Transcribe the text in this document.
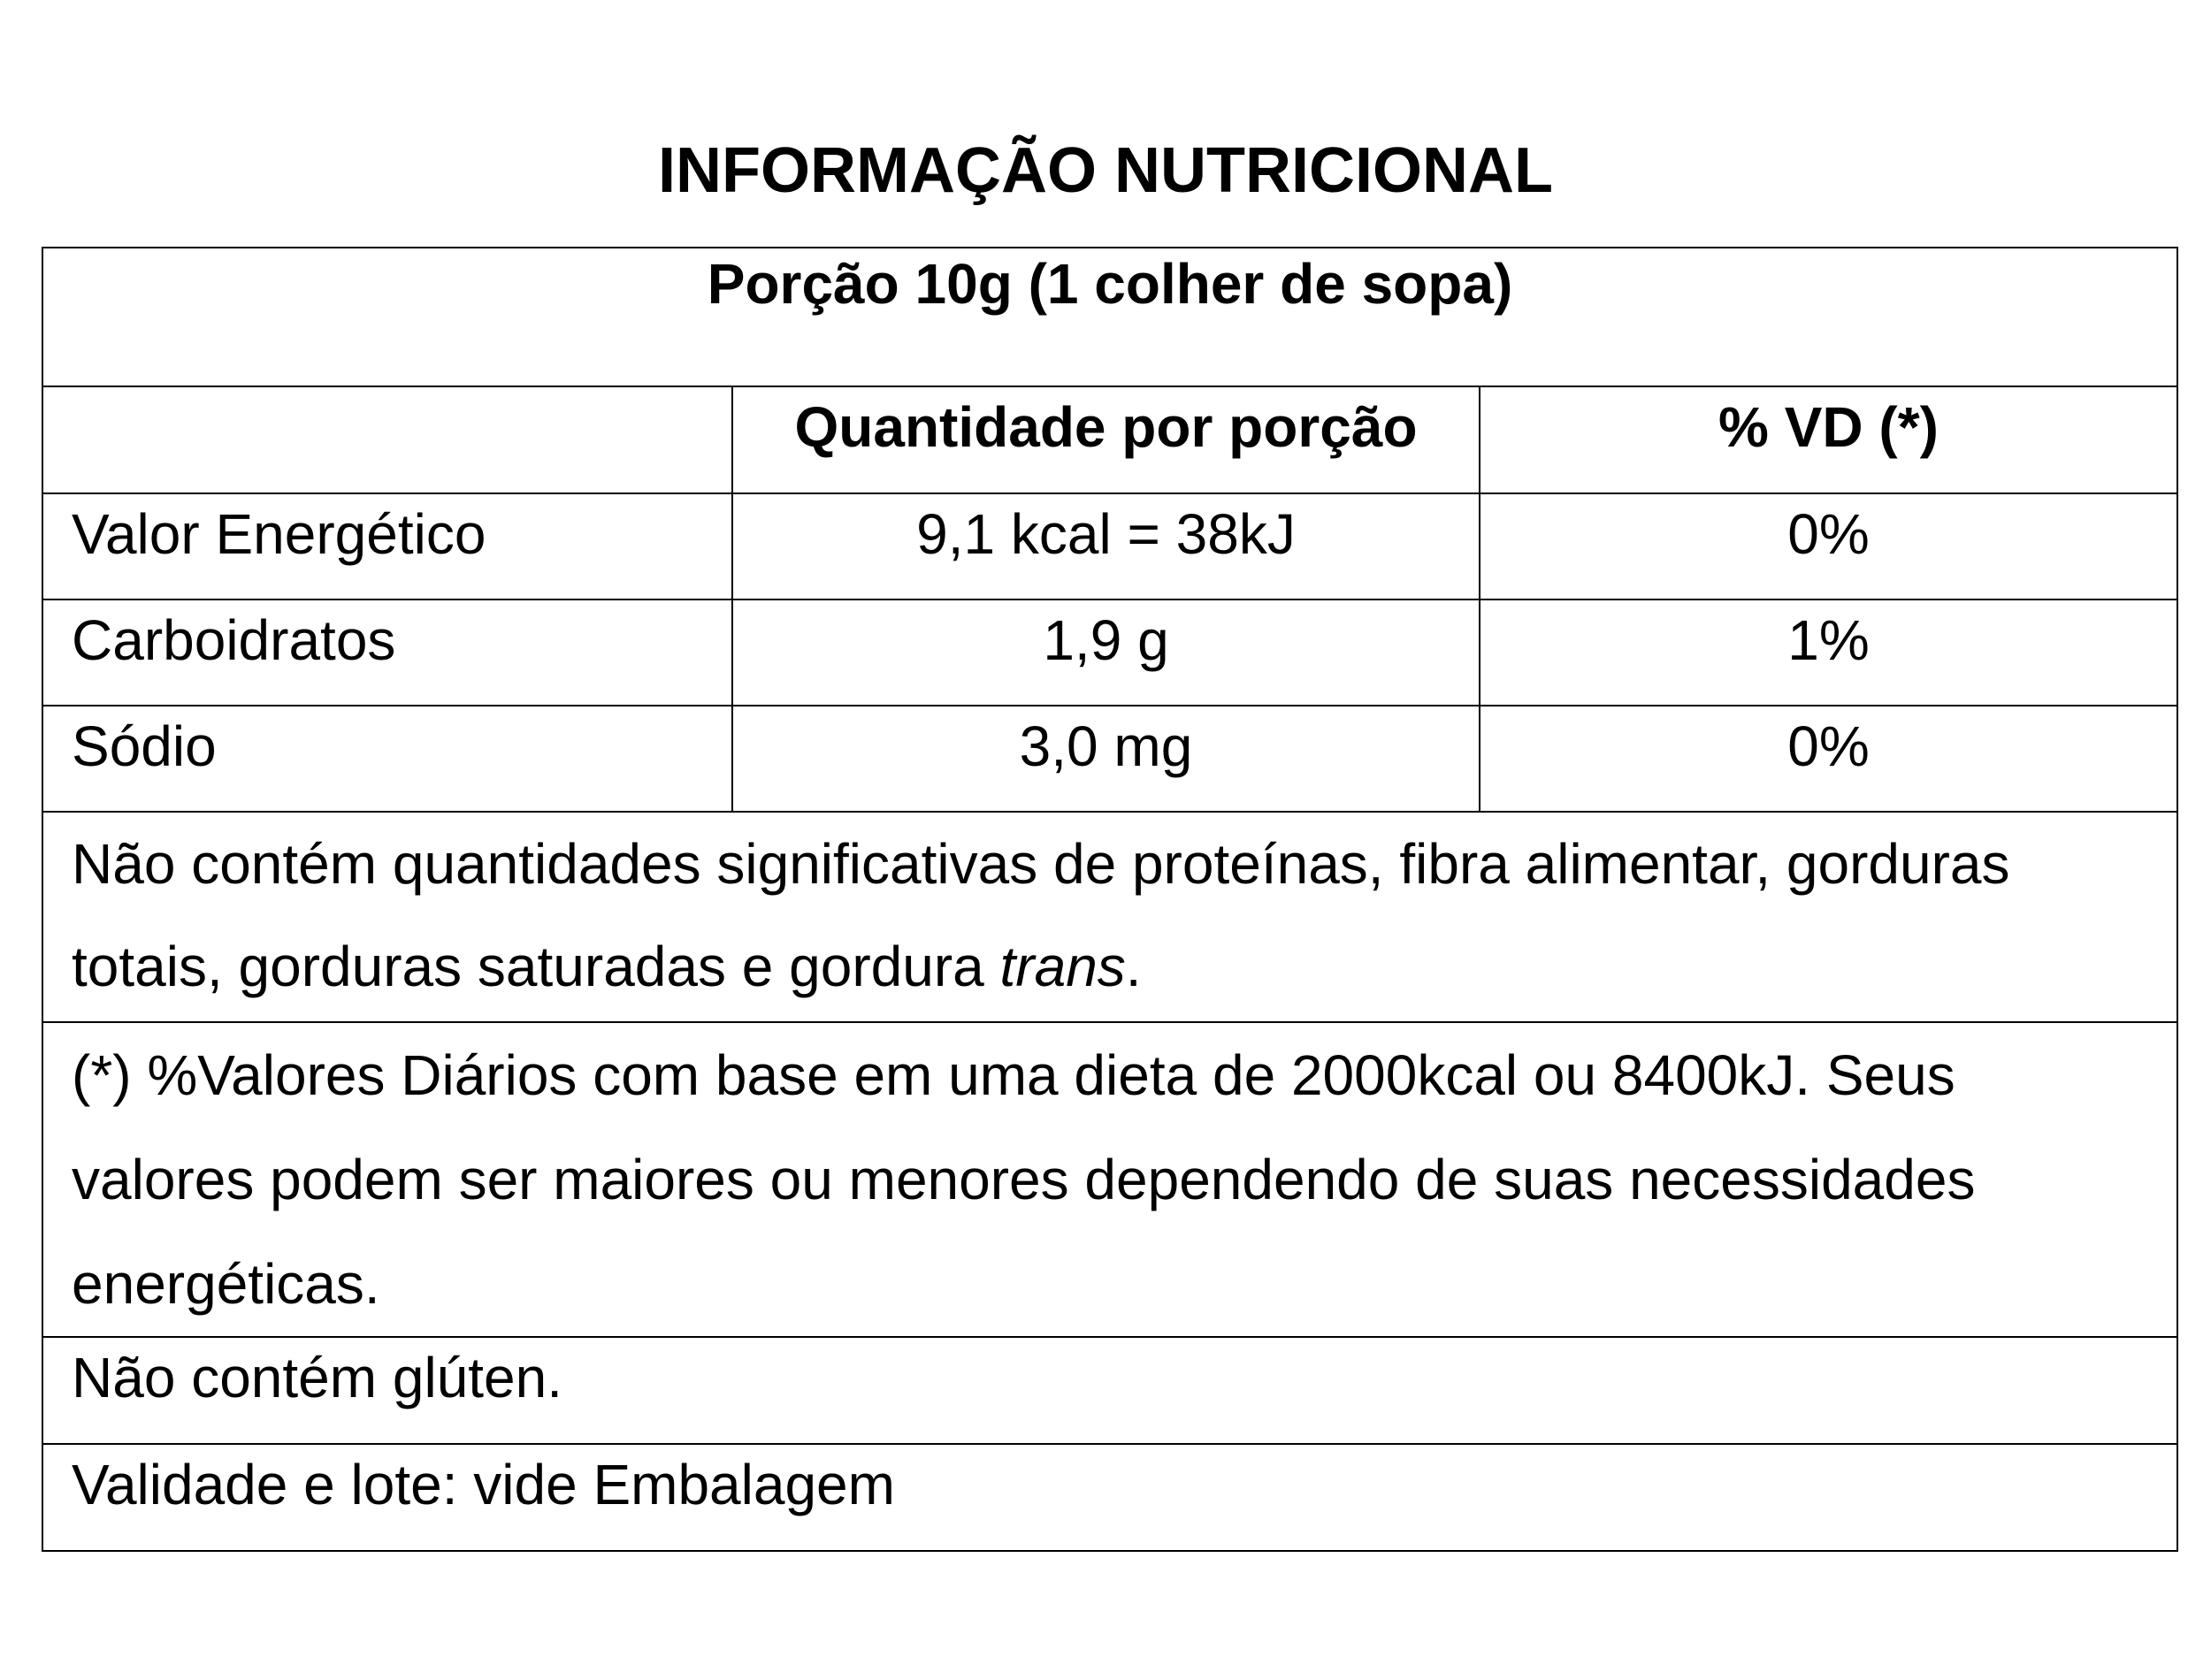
INFORMAÇÃO NUTRICIONAL
Porção 10g (1 colher de sopa)		
	Quantidade por porção	% VD (*)
Valor Energético	9,1 kcal = 38kJ	0%
Carboidratos	1,9 g	1%
Sódio	3,0 mg	0%
Não contém quantidades significativas de proteínas, fibra alimentar, gorduras totais, gorduras saturadas e gordura trans.		
(*) %Valores Diários com base em uma dieta de 2000kcal ou 8400kJ. Seus valores podem ser maiores ou menores dependendo de suas necessidades energéticas.		
Não contém glúten.		
Validade e lote: vide Embalagem		
